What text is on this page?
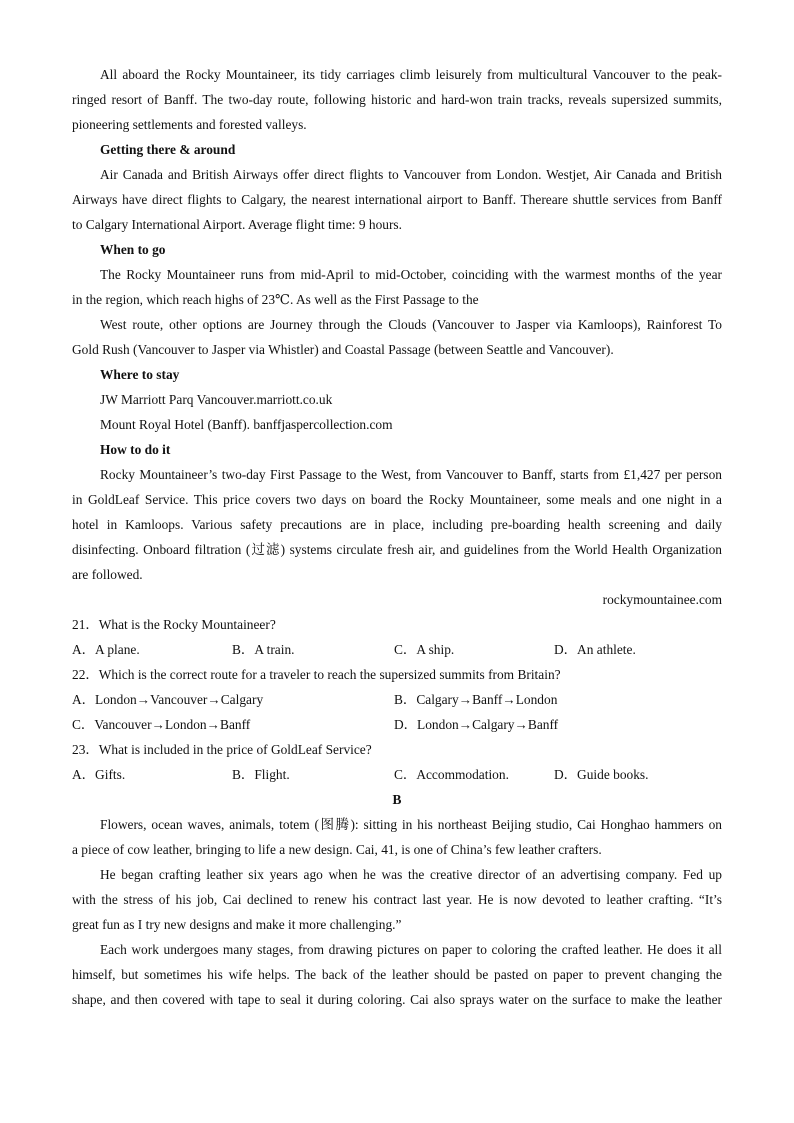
All aboard the Rocky Mountaineer, its tidy carriages climb leisurely from multicultural Vancouver to the peak-
ringed resort of Banff. The two-day route, following historic and hard-won train tracks, reveals supersized summits,
pioneering settlements and forested valleys.
Getting there & around
Air Canada and British Airways offer direct flights to Vancouver from London. Westjet, Air Canada and British
Airways have direct flights to Calgary, the nearest international airport to Banff. Thereare shuttle services from Banff
to Calgary International Airport. Average flight time: 9 hours.
When to go
The Rocky Mountaineer runs from mid-April to mid-October, coinciding with the warmest months of the year
in the region, which reach highs of 23℃. As well as the First Passage to the
West route, other options are Journey through the Clouds (Vancouver to Jasper via Kamloops), Rainforest To
Gold Rush (Vancouver to Jasper via Whistler) and Coastal Passage (between Seattle and Vancouver).
Where to stay
JW Marriott Parq Vancouver.marriott.co.uk
Mount Royal Hotel (Banff). banffjaspercollection.com
How to do it
Rocky Mountaineer’s two-day First Passage to the West, from Vancouver to Banff, starts from £1,427 per person
in GoldLeaf Service. This price covers two days on board the Rocky Mountaineer, some meals and one night in a
hotel in Kamloops. Various safety precautions are in place, including pre-boarding health screening and daily
disinfecting. Onboard filtration (过滤) systems circulate fresh air, and guidelines from the World Health Organization
are followed.
rockymountainee.com
21．What is the Rocky Mountaineer?
A．A plane.	B．A train.	C．A ship.	D．An athlete.
22．Which is the correct route for a traveler to reach the supersized summits from Britain?
A．London→Vancouver→Calgary	B．Calgary→Banff→London
C．Vancouver→London→Banff	D．London→Calgary→Banff
23．What is included in the price of GoldLeaf Service?
A．Gifts.	B．Flight.	C．Accommodation.	D．Guide books.
B
Flowers, ocean waves, animals, totem (图腾): sitting in his northeast Beijing studio, Cai Honghao hammers on
a piece of cow leather, bringing to life a new design. Cai, 41, is one of China’s few leather crafters.
He began crafting leather six years ago when he was the creative director of an advertising company. Fed up
with the stress of his job, Cai declined to renew his contract last year. He is now devoted to leather crafting. “It’s
great fun as I try new designs and make it more challenging.”
Each work undergoes many stages, from drawing pictures on paper to coloring the crafted leather. He does it all
himself, but sometimes his wife helps. The back of the leather should be pasted on paper to prevent changing the
shape, and then covered with tape to seal it during coloring. Cai also sprays water on the surface to make the leather
